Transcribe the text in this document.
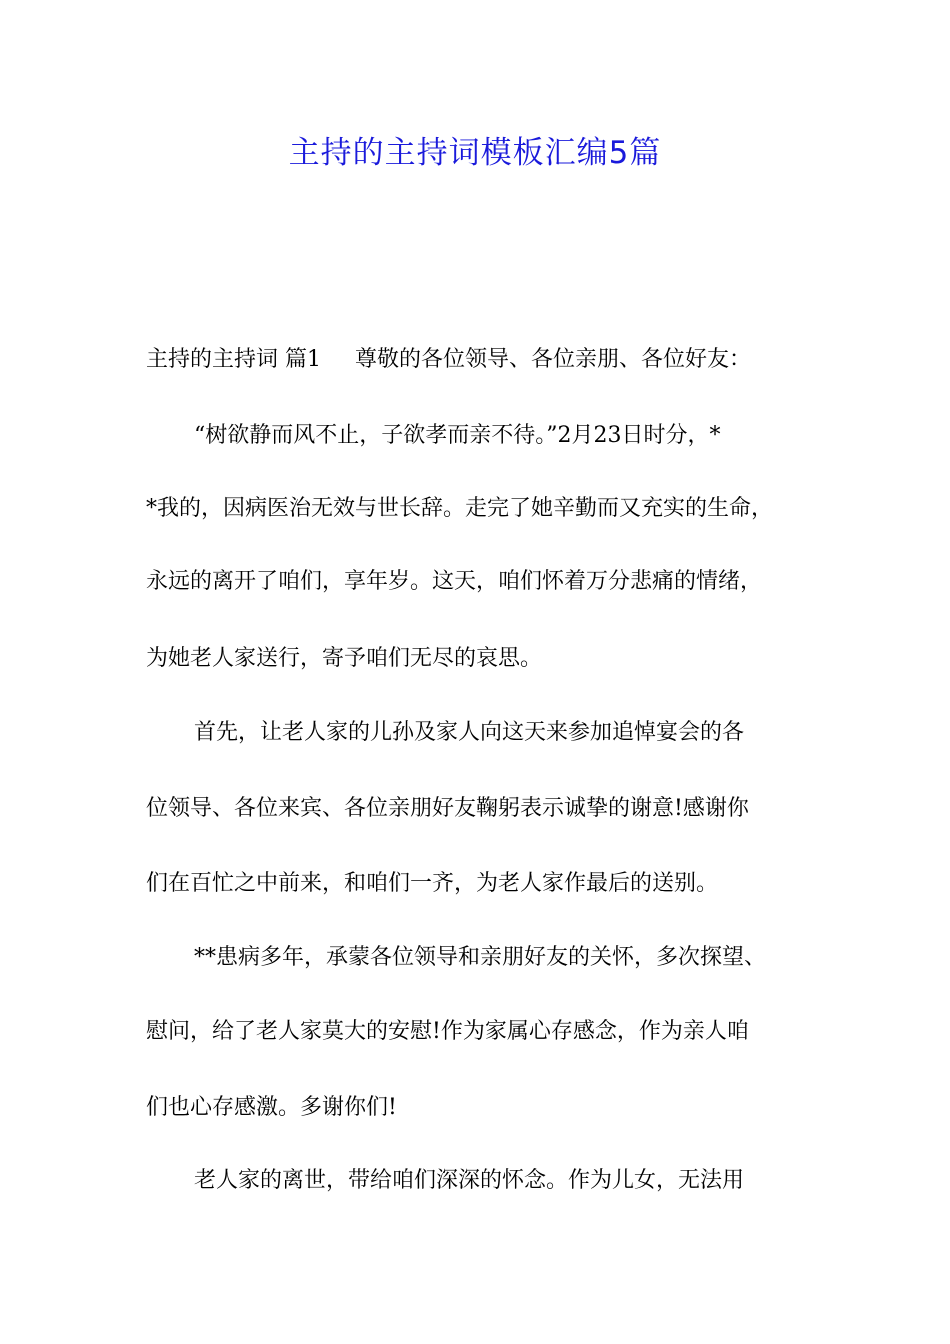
主持的主持词模板汇编5篇
主持的主持词 篇1 尊敬的各位领导、各位亲朋、各位好友：
“树欲静而风不止，子欲孝而亲不待。”2月23日时分，*
*我的，因病医治无效与世长辞。走完了她辛勤而又充实的生命，
永远的离开了咱们，享年岁。这天，咱们怀着万分悲痛的情绪，
为她老人家送行，寄予咱们无尽的哀思。
首先，让老人家的儿孙及家人向这天来参加追悼宴会的各
位领导、各位来宾、各位亲朋好友鞠躬表示诚挚的谢意!感谢你
们在百忙之中前来，和咱们一齐，为老人家作最后的送别。
**患病多年，承蒙各位领导和亲朋好友的关怀，多次探望、
慰问，给了老人家莫大的安慰!作为家属心存感念，作为亲人咱
们也心存感激。多谢你们!
老人家的离世，带给咱们深深的怀念。作为儿女，无法用
